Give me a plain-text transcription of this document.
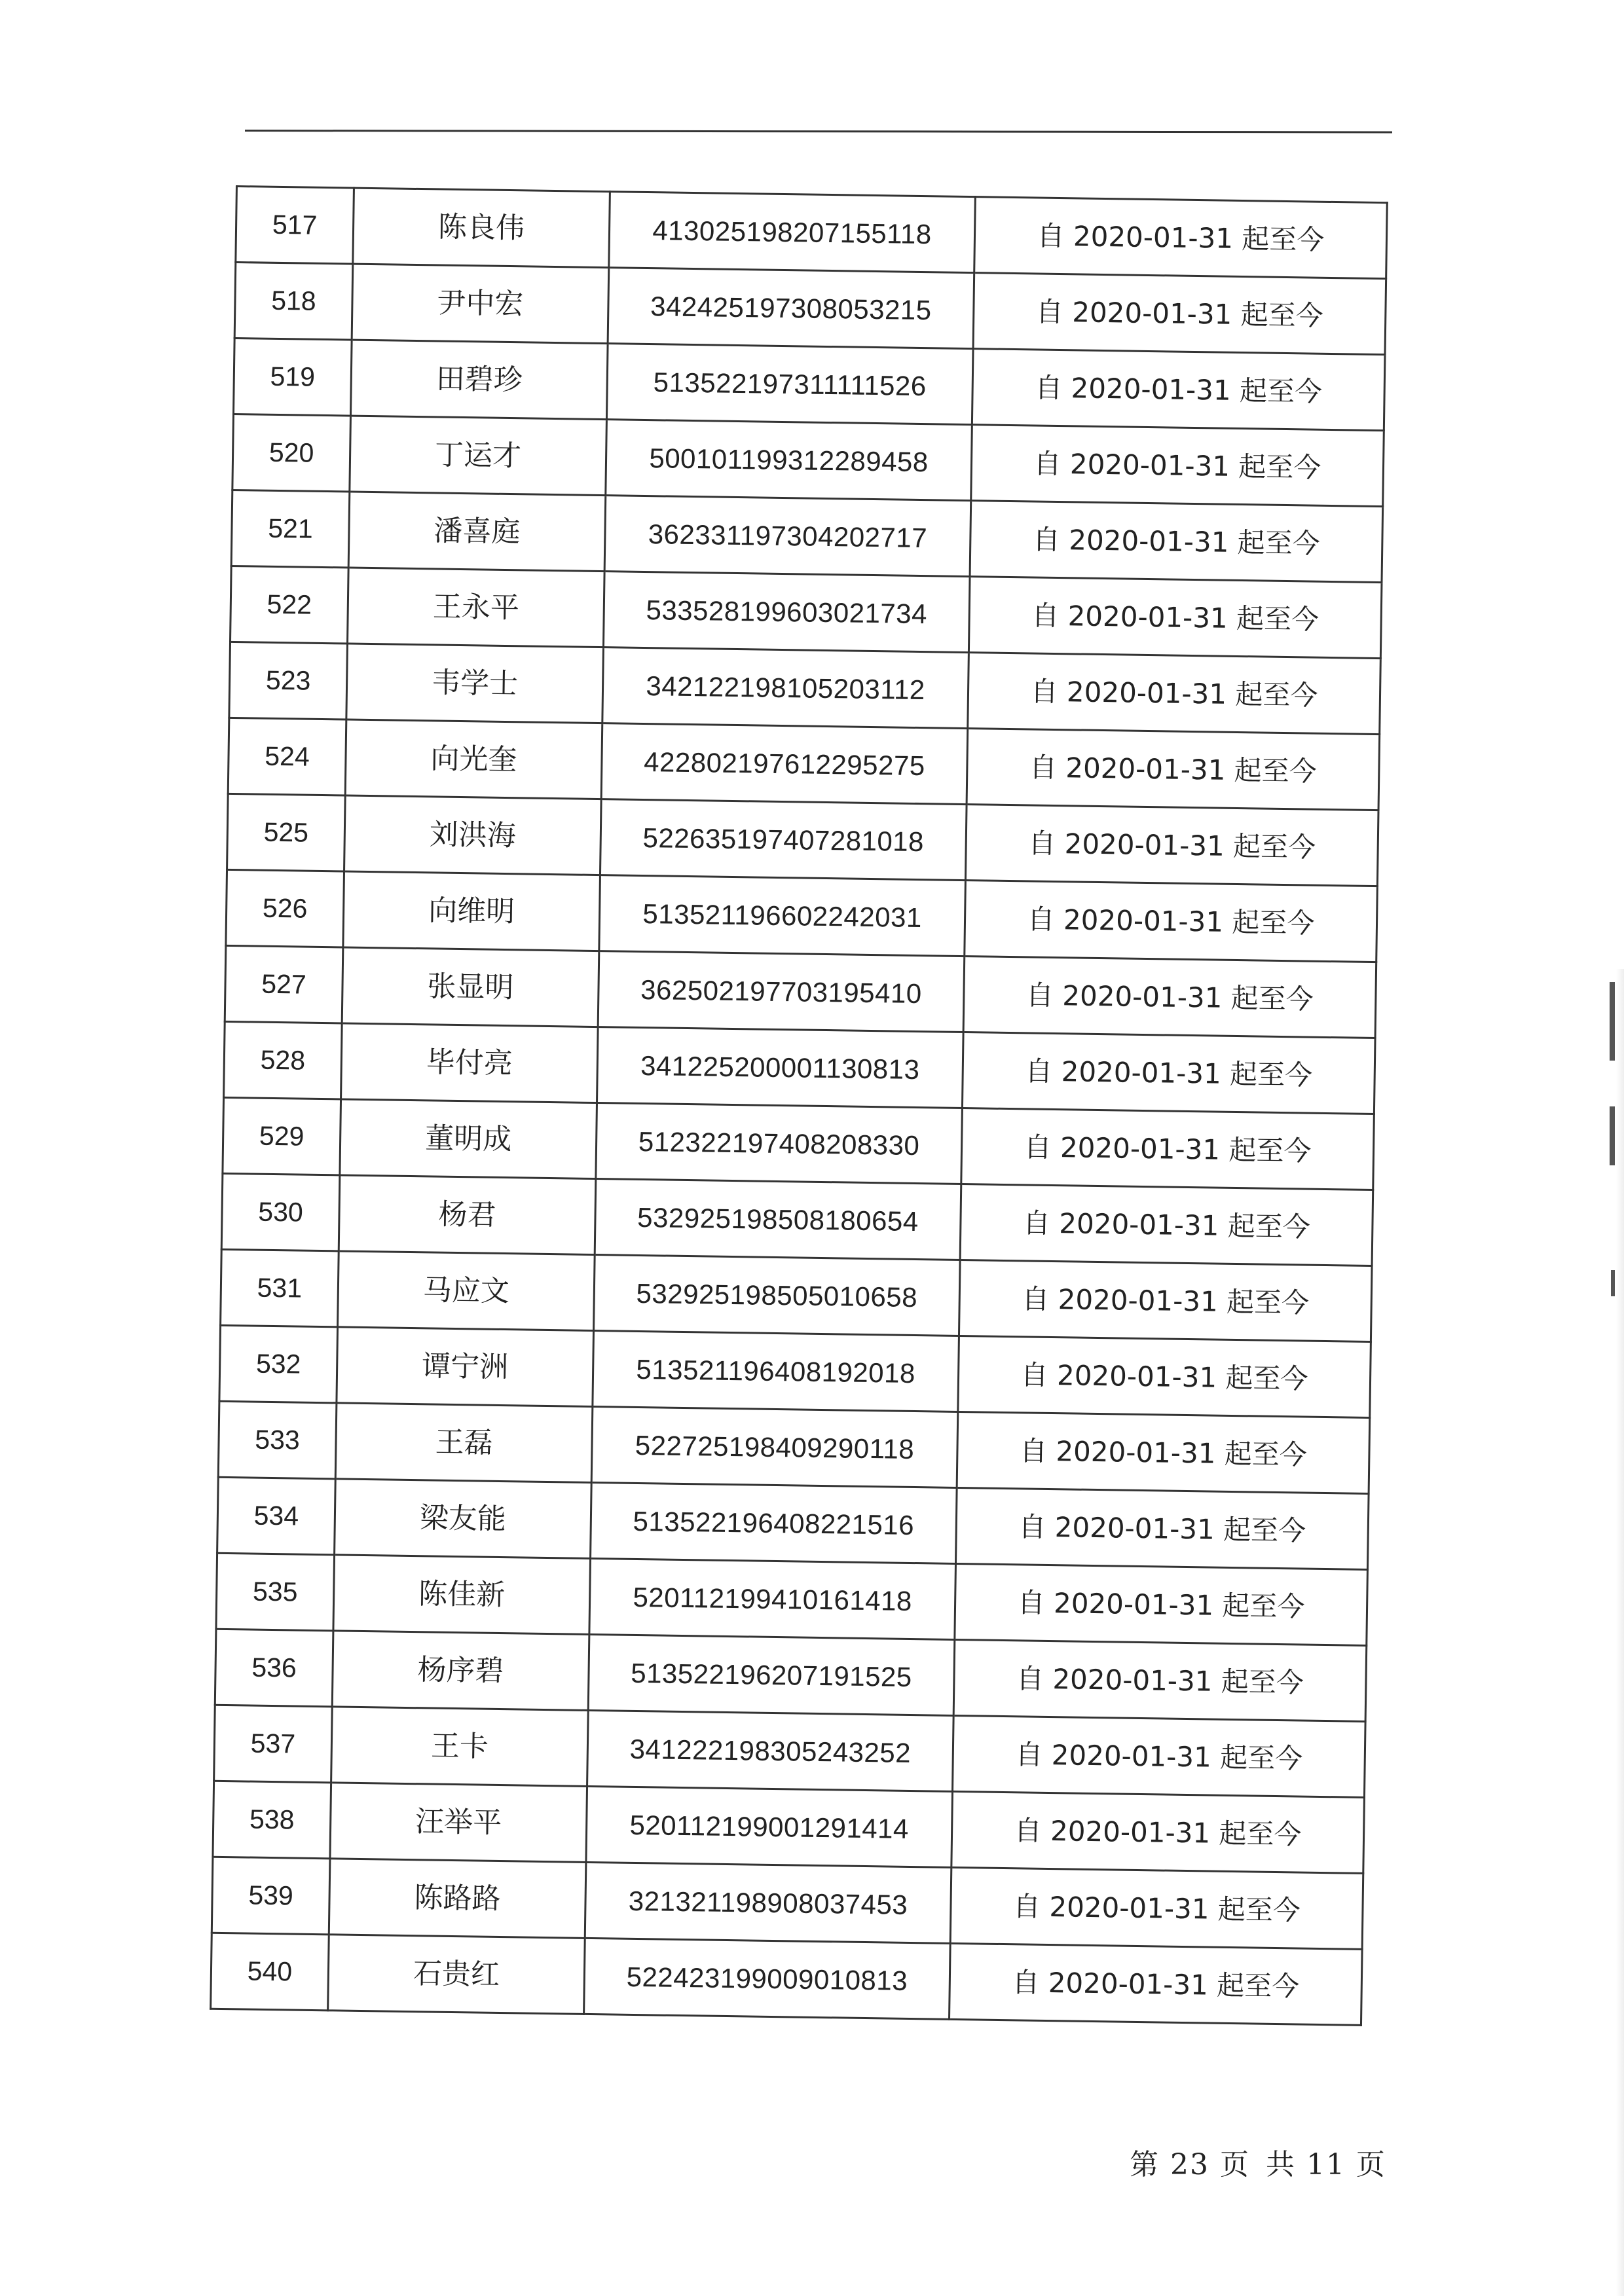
517	陈良伟	413025198207155118	自 2020-01-31 起至今
518	尹中宏	342425197308053215	自 2020-01-31 起至今
519	田碧珍	513522197311111526	自 2020-01-31 起至今
520	丁运才	500101199312289458	自 2020-01-31 起至今
521	潘喜庭	362331197304202717	自 2020-01-31 起至今
522	王永平	533528199603021734	自 2020-01-31 起至今
523	韦学士	342122198105203112	自 2020-01-31 起至今
524	向光奎	422802197612295275	自 2020-01-31 起至今
525	刘洪海	522635197407281018	自 2020-01-31 起至今
526	向维明	513521196602242031	自 2020-01-31 起至今
527	张显明	362502197703195410	自 2020-01-31 起至今
528	毕付亮	341225200001130813	自 2020-01-31 起至今
529	董明成	512322197408208330	自 2020-01-31 起至今
530	杨君	532925198508180654	自 2020-01-31 起至今
531	马应文	532925198505010658	自 2020-01-31 起至今
532	谭宁洲	513521196408192018	自 2020-01-31 起至今
533	王磊	522725198409290118	自 2020-01-31 起至今
534	梁友能	513522196408221516	自 2020-01-31 起至今
535	陈佳新	520112199410161418	自 2020-01-31 起至今
536	杨序碧	513522196207191525	自 2020-01-31 起至今
537	王卡	341222198305243252	自 2020-01-31 起至今
538	汪举平	520112199001291414	自 2020-01-31 起至今
539	陈路路	321321198908037453	自 2020-01-31 起至今
540	石贵红	522423199009010813	自 2020-01-31 起至今
第 23 页 共 11 页
